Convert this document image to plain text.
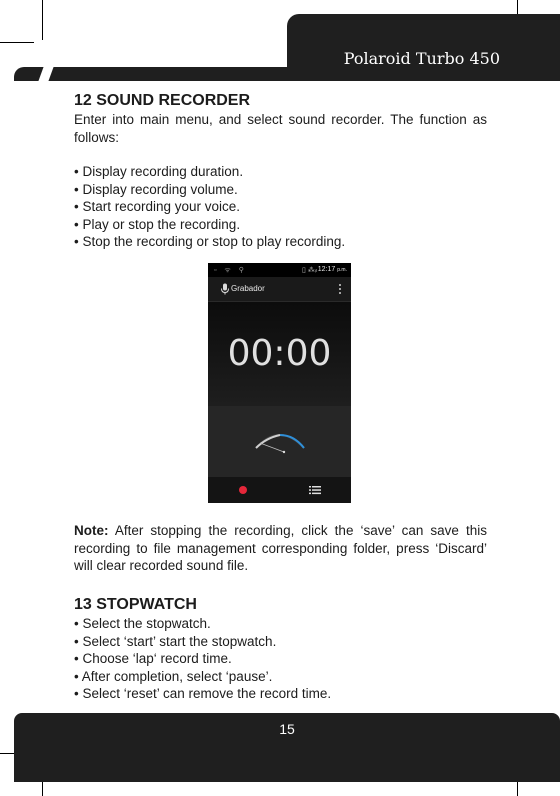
Polaroid Turbo 450
12 SOUND RECORDER

Enter into main menu, and select sound recorder. The function as follows:

• Display recording duration.
• Display recording volume.
• Start recording your voice.
• Play or stop the recording.
• Stop the recording or stop to play recording.
▫ ᯤ ⚲	▯ ⁂ᵢₗ 12:17 p.m.
Grabador
00:00

Note: After stopping the recording, click the ‘save’ can save this recording to file management corresponding folder, press ‘Discard’ will clear recorded sound file.

13 STOPWATCH
• Select the stopwatch.
• Select ‘start’ start the stopwatch.
• Choose ‘lap‘ record time.
• After completion, select ‘pause’.
• Select ‘reset’ can remove the record time.
15
